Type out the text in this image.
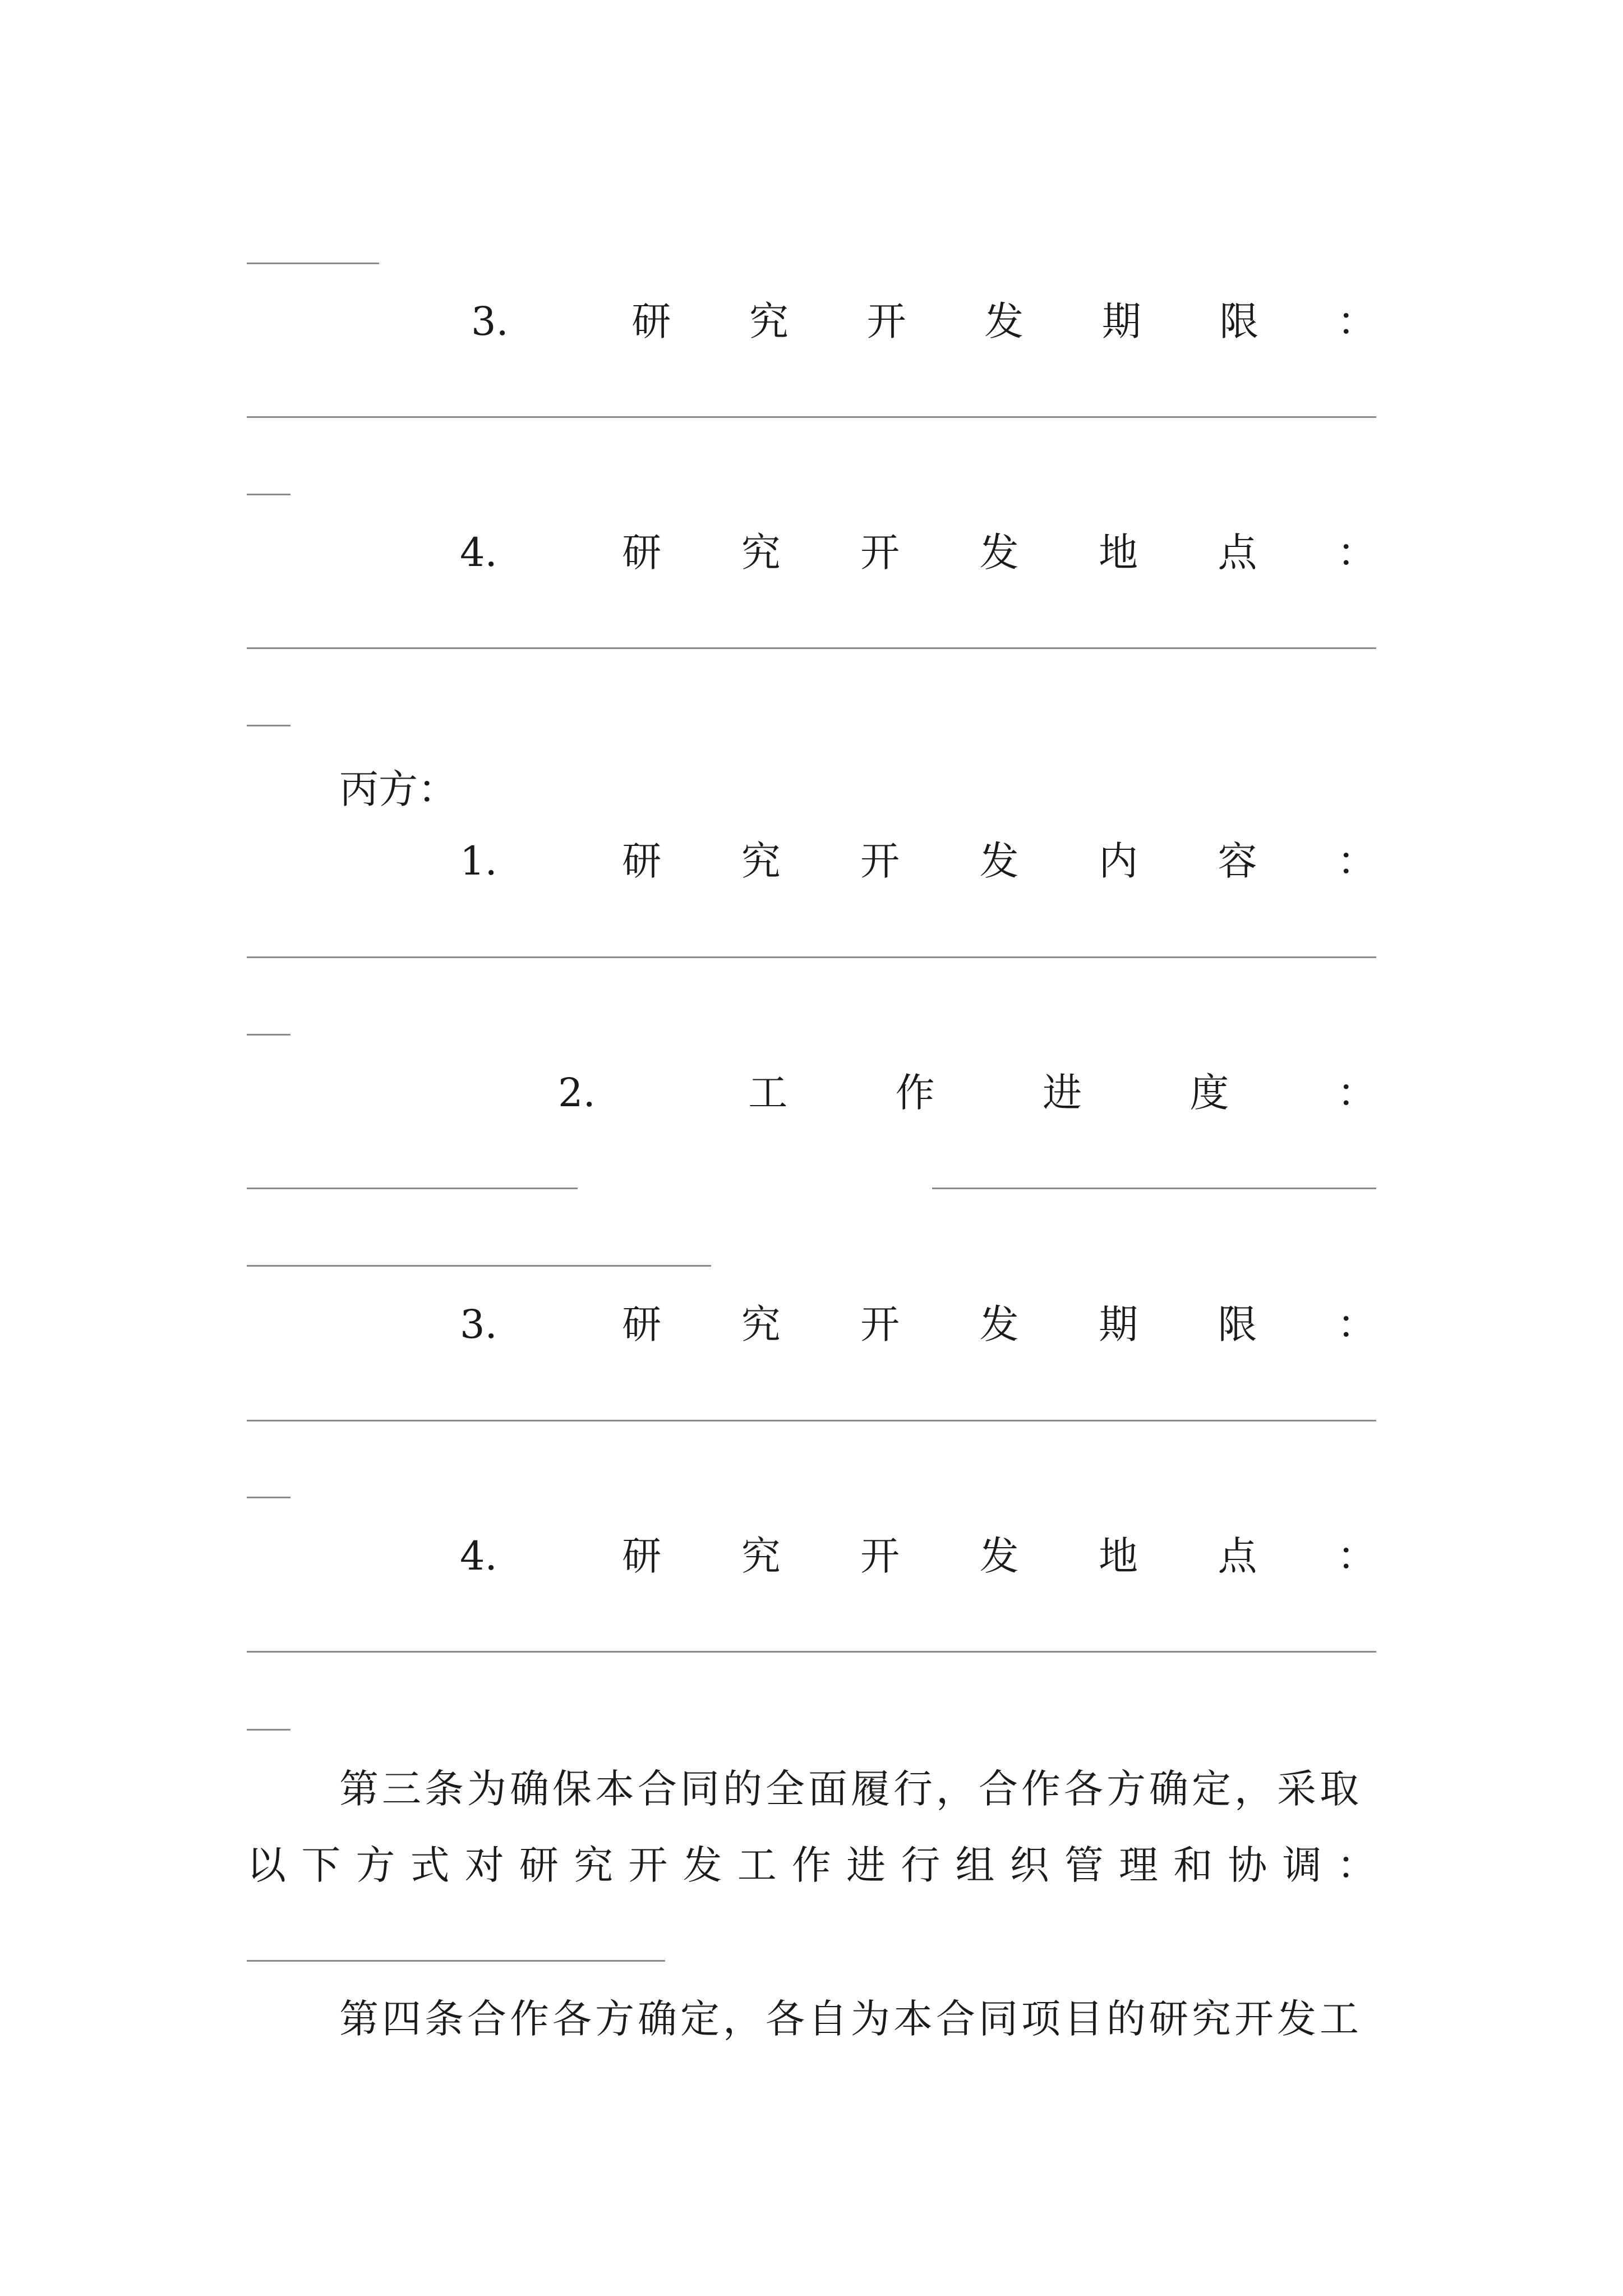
3.	研 究 开 发 期 限 ：
4.	研 究 开 发 地 点 ：
丙方：
1.	研 究 开 发 内 容 ：
2.	工	作	进	度	：
3.	研 究 开 发 期 限 ：
4.	研 究 开 发 地 点 ：
第三条为确保本合同的全面履行，合作各方确定，采取
以 下 方 式 对 研 究 开 发 工 作 进 行 组 织 管 理 和 协 调 ：
第四条合作各方确定，各自为本合同项目的研究开发工
